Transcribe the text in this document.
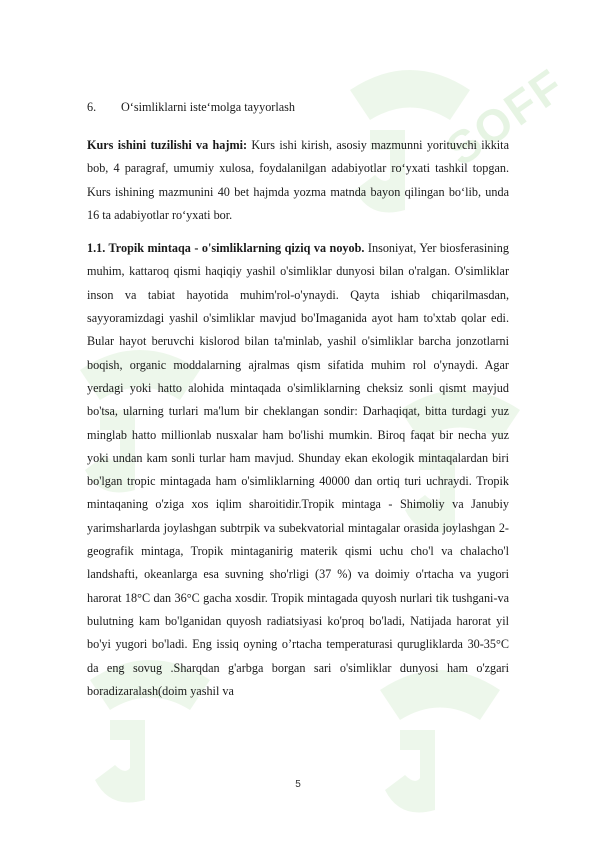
SOFF
6.	O‘simliklarni iste‘molga tayyorlash

Kurs ishini tuzilishi va hajmi: Kurs ishi kirish, asosiy mazmunni yorituvchi ikkita bob, 4 paragraf, umumiy xulosa, foydalanilgan adabiyotlar ro‘yxati tashkil topgan. Kurs ishining mazmunini 40 bet hajmda yozma matnda bayon qilingan bo‘lib, unda 16 ta adabiyotlar ro‘yxati bor.

1.1. Tropik mintaqa - o'simliklarning qiziq va noyob. Insoniyat, Yer biosferasining muhim, kattaroq qismi haqiqiy yashil o'simliklar dunyosi bilan o'ralgan. O'simliklar inson va tabiat hayotida muhim'rol-o'ynaydi. Qayta ishiab chiqarilmasdan, sayyoramizdagi yashil o'simliklar mavjud bo'Imaganida ayot ham to'xtab qolar edi. Bular hayot beruvchi kislorod bilan ta'minlab, yashil o'simliklar barcha jonzotlarni boqish, organic moddalarning ajralmas qism sifatida muhim rol o'ynaydi. Agar yerdagi yoki hatto alohida mintaqada o'simliklarning cheksiz sonli qismt mayjud bo'tsa, ularning turlari ma'lum bir cheklangan sondir: Darhaqiqat, bitta turdagi yuz minglab hatto millionlab nusxalar ham bo'lishi mumkin. Biroq faqat bir necha yuz yoki undan kam sonli turlar ham mavjud. Shunday ekan ekologik mintaqalardan biri bo'lgan tropic mintagada ham o'simliklarning 40000 dan ortiq turi uchraydi. Tropik mintaqaning o'ziga xos iqlim sharoitidir.Tropik mintaga - Shimoliy va Janubiy yarimsharlarda joylashgan subtrpik va subekvatorial mintagalar orasida joylashgan 2-geografik mintaga, Tropik mintaganirig materik qismi uchu cho'l va chalacho'l landshafti, okeanlarga esa suvning sho'rligi (37 %) va doimiy o'rtacha va yugori harorat 18°C dan 36°C gacha xosdir. Tropik mintagada quyosh nurlari tik tushgani-va bulutning kam bo'lganidan quyosh radiatsiyasi ko'proq bo'ladi, Natijada harorat yil bo'yi yugori bo'ladi. Eng issiq oyning o’rtacha temperaturasi qurugliklarda 30-35°C da eng sovug .Sharqdan g'arbga borgan sari o'simliklar dunyosi ham o'zgari boradizaralash(doim yashil va

5
